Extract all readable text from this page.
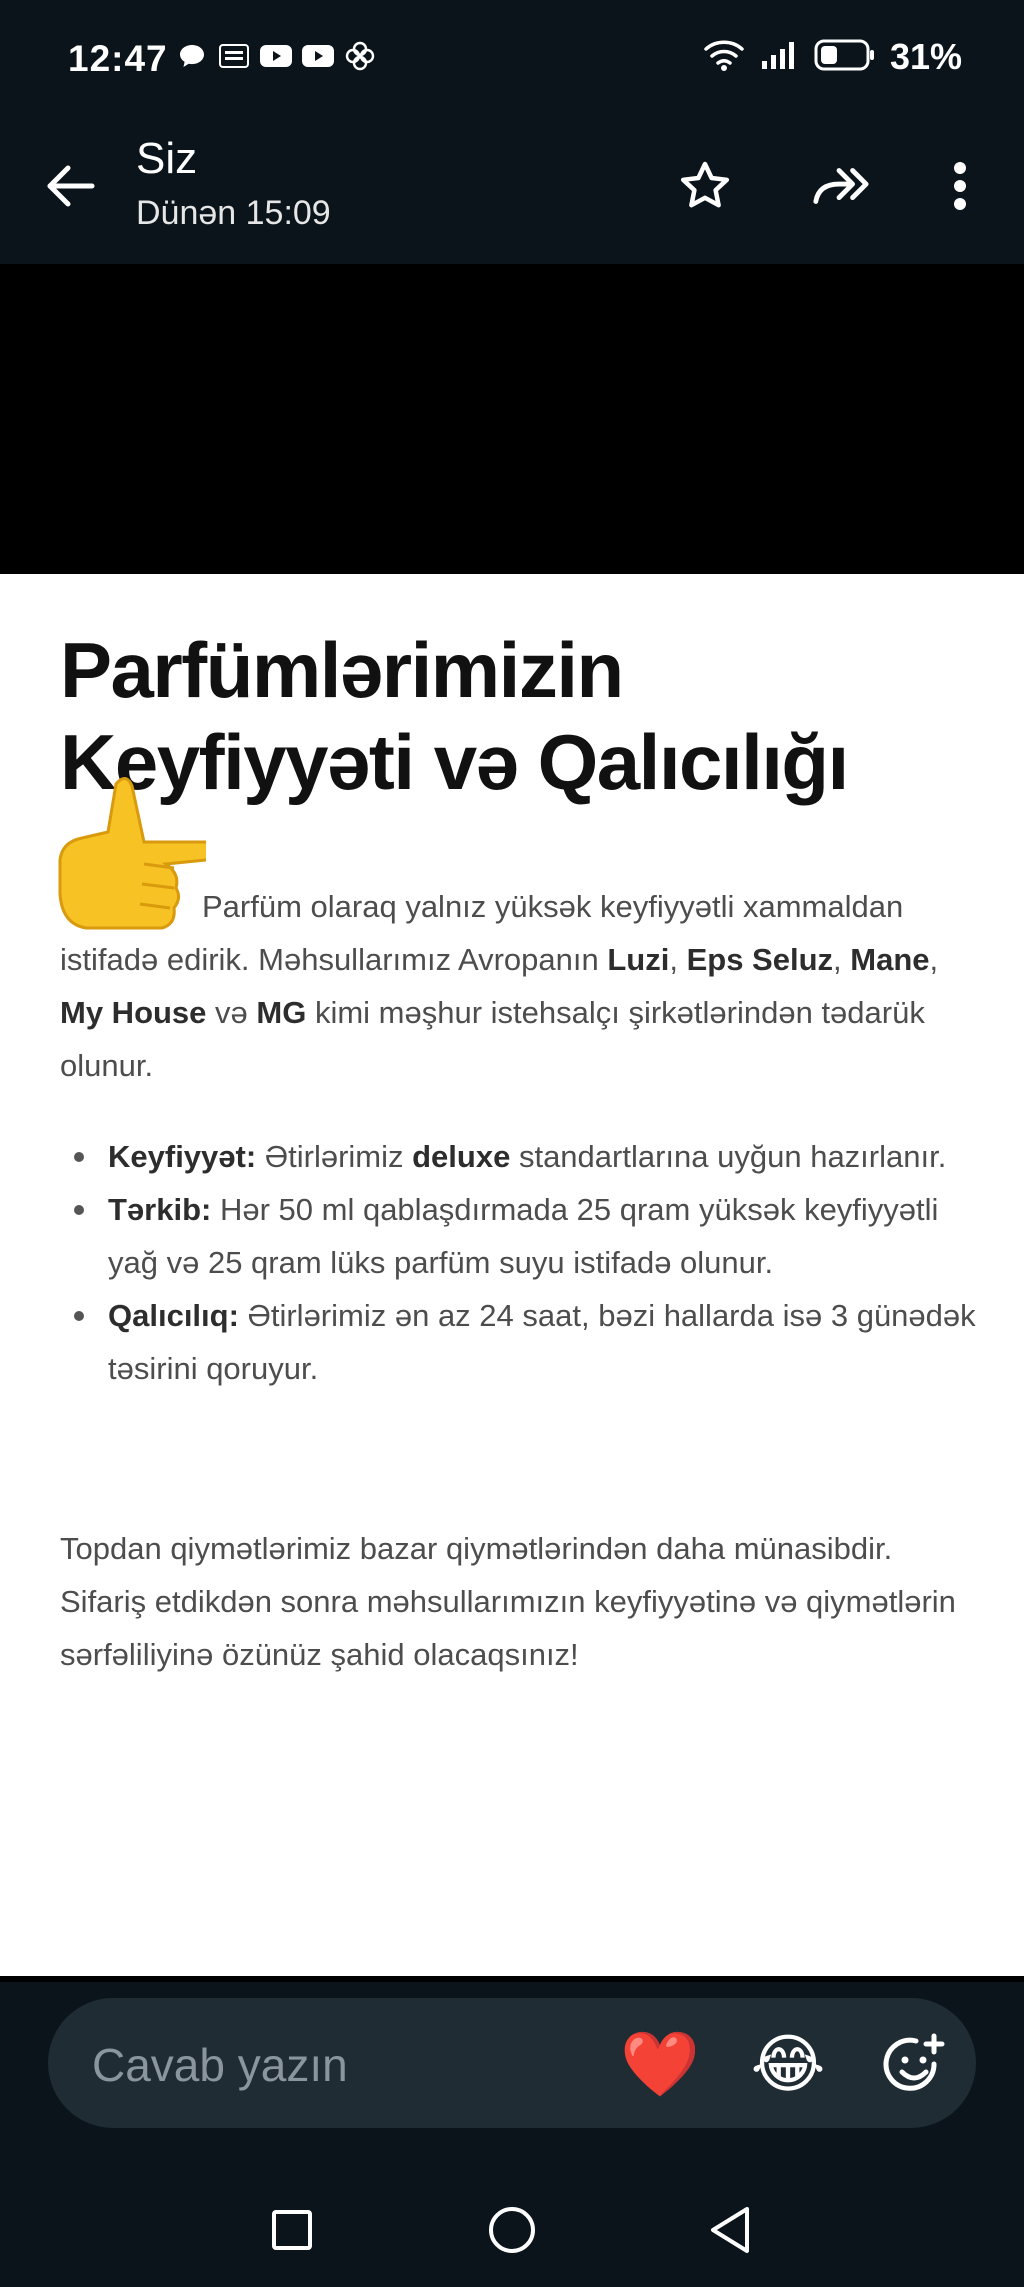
12:47	31%
Siz
Dünən 15:09
Parfümlərimizin Keyfiyyəti və Qalıcılığı
Parfüm olaraq yalnız yüksək keyfiyyətli xammaldan istifadə edirik. Məhsullarımız Avropanın Luzi, Eps Seluz, Mane, My House və MG kimi məşhur istehsalçı şirkətlərindən tədarük olunur.
Keyfiyyət: Ətirlərimiz deluxe standartlarına uyğun hazırlanır.
Tərkib: Hər 50 ml qablaşdırmada 25 qram yüksək keyfiyyətli yağ və 25 qram lüks parfüm suyu istifadə olunur.
Qalıcılıq: Ətirlərimiz ən az 24 saat, bəzi hallarda isə 3 günədək təsirini qoruyur.
Topdan qiymətlərimiz bazar qiymətlərindən daha münasibdir. Sifariş etdikdən sonra məhsullarımızın keyfiyyətinə və qiymətlərin sərfəliliyinə özünüz şahid olacaqsınız!
Cavab yazın	❤️ 😂
